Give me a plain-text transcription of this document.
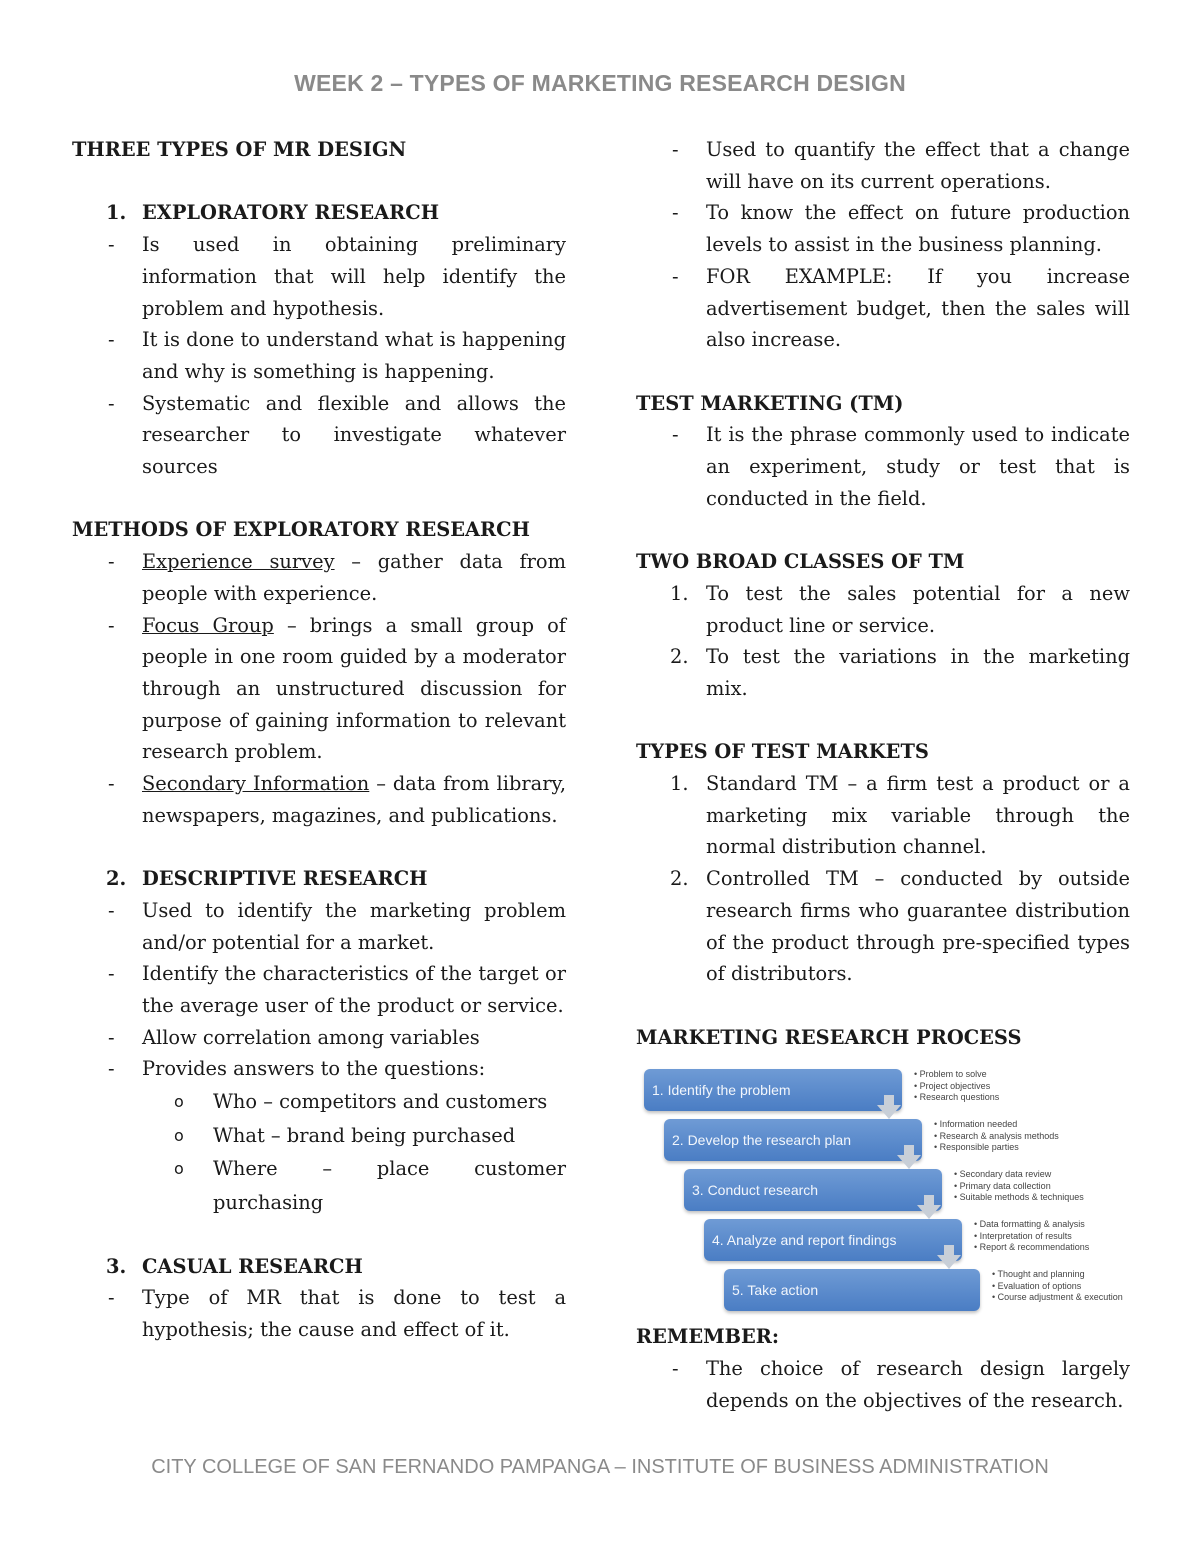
WEEK 2 – TYPES OF MARKETING RESEARCH DESIGN

THREE TYPES OF MR DESIGN

1. EXPLORATORY RESEARCH
-	Is used in obtaining preliminary information that will help identify the problem and hypothesis.
-	It is done to understand what is happening and why is something is happening.
-	Systematic and flexible and allows the researcher to investigate whatever sources

METHODS OF EXPLORATORY RESEARCH

-	Experience survey – gather data from people with experience.
-	Focus Group – brings a small group of people in one room guided by a moderator through an unstructured discussion for purpose of gaining information to relevant research problem.
-	Secondary Information – data from library, newspapers, magazines, and publications.
2. DESCRIPTIVE RESEARCH
-	Used to identify the marketing problem and/or potential for a market.
-	Identify the characteristics of the target or the average user of the product or service.
-	Allow correlation among variables
-	Provides answers to the questions:
o	Who – competitors and customers
o	What – brand being purchased
o	Where – place customer purchasing
3. CASUAL RESEARCH
-	Type of MR that is done to test a hypothesis; the cause and effect of it.
-	Used to quantify the effect that a change will have on its current operations.
-	To know the effect on future production levels to assist in the business planning.
-	FOR EXAMPLE: If you increase advertisement budget, then the sales will also increase.

TEST MARKETING (TM)

-	It is the phrase commonly used to indicate an experiment, study or test that is conducted in the field.

TWO BROAD CLASSES OF TM

1. To test the sales potential for a new product line or service.
2. To test the variations in the marketing mix.

TYPES OF TEST MARKETS

1. Standard TM – a firm test a product or a marketing mix variable through the normal distribution channel.
2. Controlled TM – conducted by outside research firms who guarantee distribution of the product through pre-specified types of distributors.

MARKETING RESEARCH PROCESS

1. Identify the problem
• Problem to solve
• Project objectives
• Research questions
2. Develop the research plan
• Information needed
• Research & analysis methods
• Responsible parties
3. Conduct research
• Secondary data review
• Primary data collection
• Suitable methods & techniques
4. Analyze and report findings
• Data formatting & analysis
• Interpretation of results
• Report & recommendations
5. Take action
• Thought and planning
• Evaluation of options
• Course adjustment & execution

REMEMBER:

-	The choice of research design largely depends on the objectives of the research.
CITY COLLEGE OF SAN FERNANDO PAMPANGA – INSTITUTE OF BUSINESS ADMINISTRATION
